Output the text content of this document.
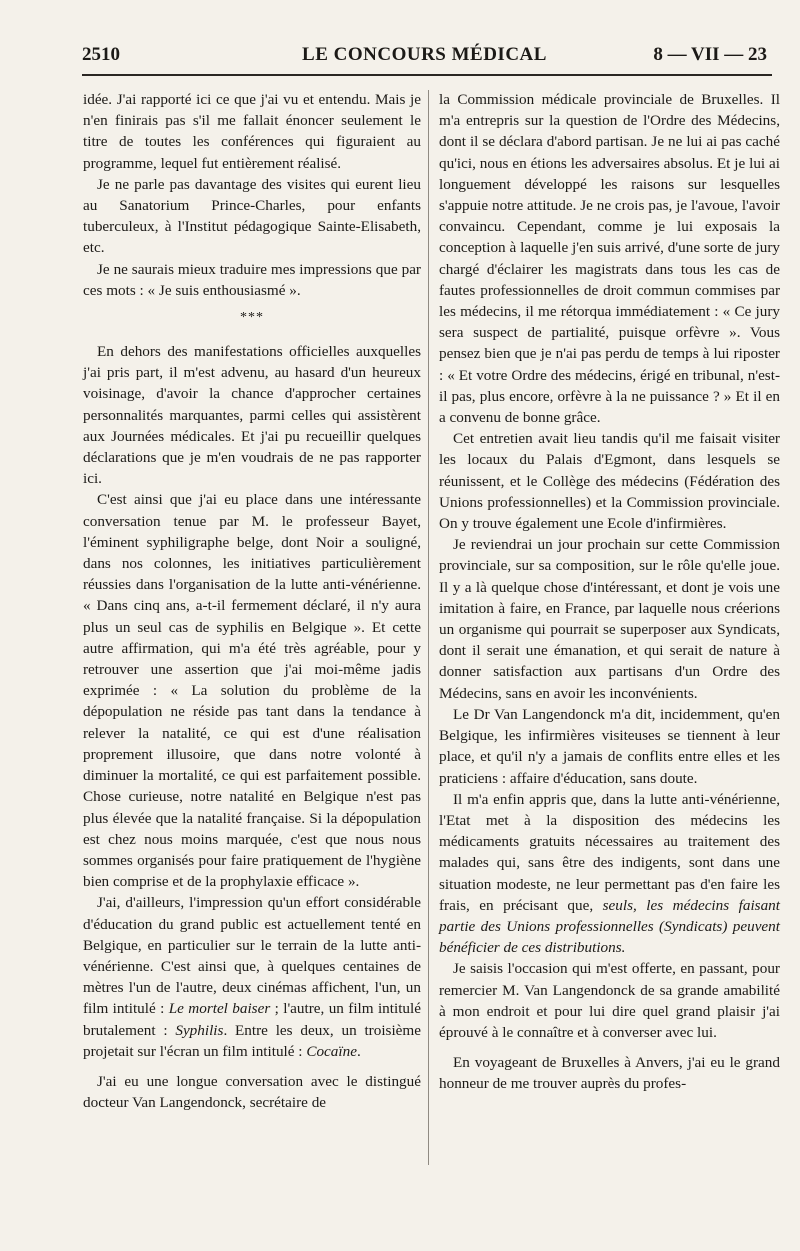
2510	LE CONCOURS MÉDICAL	8 — VII — 23

idée. J'ai rapporté ici ce que j'ai vu et entendu. Mais je n'en finirais pas s'il me fallait énoncer seulement le titre de toutes les conférences qui figuraient au programme, lequel fut entièrement réalisé.

Je ne parle pas davantage des visites qui eurent lieu au Sanatorium Prince-Charles, pour enfants tuberculeux, à l'Institut pédagogique Sainte-Elisabeth, etc.

Je ne saurais mieux traduire mes impressions que par ces mots : « Je suis enthousiasmé ».

***

En dehors des manifestations officielles auxquelles j'ai pris part, il m'est advenu, au hasard d'un heureux voisinage, d'avoir la chance d'approcher certaines personnalités marquantes, parmi celles qui assistèrent aux Journées médicales. Et j'ai pu recueillir quelques déclarations que je m'en voudrais de ne pas rapporter ici.

C'est ainsi que j'ai eu place dans une intéressante conversation tenue par M. le professeur Bayet, l'éminent syphiligraphe belge, dont Noir a souligné, dans nos colonnes, les initiatives particulièrement réussies dans l'organisation de la lutte anti-vénérienne. « Dans cinq ans, a-t-il fermement déclaré, il n'y aura plus un seul cas de syphilis en Belgique ». Et cette autre affirmation, qui m'a été très agréable, pour y retrouver une assertion que j'ai moi-même jadis exprimée : « La solution du problème de la dépopulation ne réside pas tant dans la tendance à relever la natalité, ce qui est d'une réalisation proprement illusoire, que dans notre volonté à diminuer la mortalité, ce qui est parfaitement possible. Chose curieuse, notre natalité en Belgique n'est pas plus élevée que la natalité française. Si la dépopulation est chez nous moins marquée, c'est que nous nous sommes organisés pour faire pratiquement de l'hygiène bien comprise et de la prophylaxie efficace ».

J'ai, d'ailleurs, l'impression qu'un effort considérable d'éducation du grand public est actuellement tenté en Belgique, en particulier sur le terrain de la lutte anti-vénérienne. C'est ainsi que, à quelques centaines de mètres l'un de l'autre, deux cinémas affichent, l'un, un film intitulé : Le mortel baiser ; l'autre, un film intitulé brutalement : Syphilis. Entre les deux, un troisième projetait sur l'écran un film intitulé : Cocaïne.

J'ai eu une longue conversation avec le distingué docteur Van Langendonck, secrétaire de

la Commission médicale provinciale de Bruxelles. Il m'a entrepris sur la question de l'Ordre des Médecins, dont il se déclara d'abord partisan. Je ne lui ai pas caché qu'ici, nous en étions les adversaires absolus. Et je lui ai longuement développé les raisons sur lesquelles s'appuie notre attitude. Je ne crois pas, je l'avoue, l'avoir convaincu. Cependant, comme je lui exposais la conception à laquelle j'en suis arrivé, d'une sorte de jury chargé d'éclairer les magistrats dans tous les cas de fautes professionnelles de droit commun commises par les médecins, il me rétorqua immédiatement : « Ce jury sera suspect de partialité, puisque orfèvre ». Vous pensez bien que je n'ai pas perdu de temps à lui riposter : « Et votre Ordre des médecins, érigé en tribunal, n'est-il pas, plus encore, orfèvre à la ne puissance ? » Et il en a convenu de bonne grâce.

Cet entretien avait lieu tandis qu'il me faisait visiter les locaux du Palais d'Egmont, dans lesquels se réunissent, et le Collège des médecins (Fédération des Unions professionnelles) et la Commission provinciale. On y trouve également une Ecole d'infirmières.

Je reviendrai un jour prochain sur cette Commission provinciale, sur sa composition, sur le rôle qu'elle joue. Il y a là quelque chose d'intéressant, et dont je vois une imitation à faire, en France, par laquelle nous créerions un organisme qui pourrait se superposer aux Syndicats, dont il serait une émanation, et qui serait de nature à donner satisfaction aux partisans d'un Ordre des Médecins, sans en avoir les inconvénients.

Le Dr Van Langendonck m'a dit, incidemment, qu'en Belgique, les infirmières visiteuses se tiennent à leur place, et qu'il n'y a jamais de conflits entre elles et les praticiens : affaire d'éducation, sans doute.

Il m'a enfin appris que, dans la lutte anti-vénérienne, l'Etat met à la disposition des médecins les médicaments gratuits nécessaires au traitement des malades qui, sans être des indigents, sont dans une situation modeste, ne leur permettant pas d'en faire les frais, en précisant que, seuls, les médecins faisant partie des Unions professionnelles (Syndicats) peuvent bénéficier de ces distributions.

Je saisis l'occasion qui m'est offerte, en passant, pour remercier M. Van Langendonck de sa grande amabilité à mon endroit et pour lui dire quel grand plaisir j'ai éprouvé à le connaître et à converser avec lui.

En voyageant de Bruxelles à Anvers, j'ai eu le grand honneur de me trouver auprès du profes-
